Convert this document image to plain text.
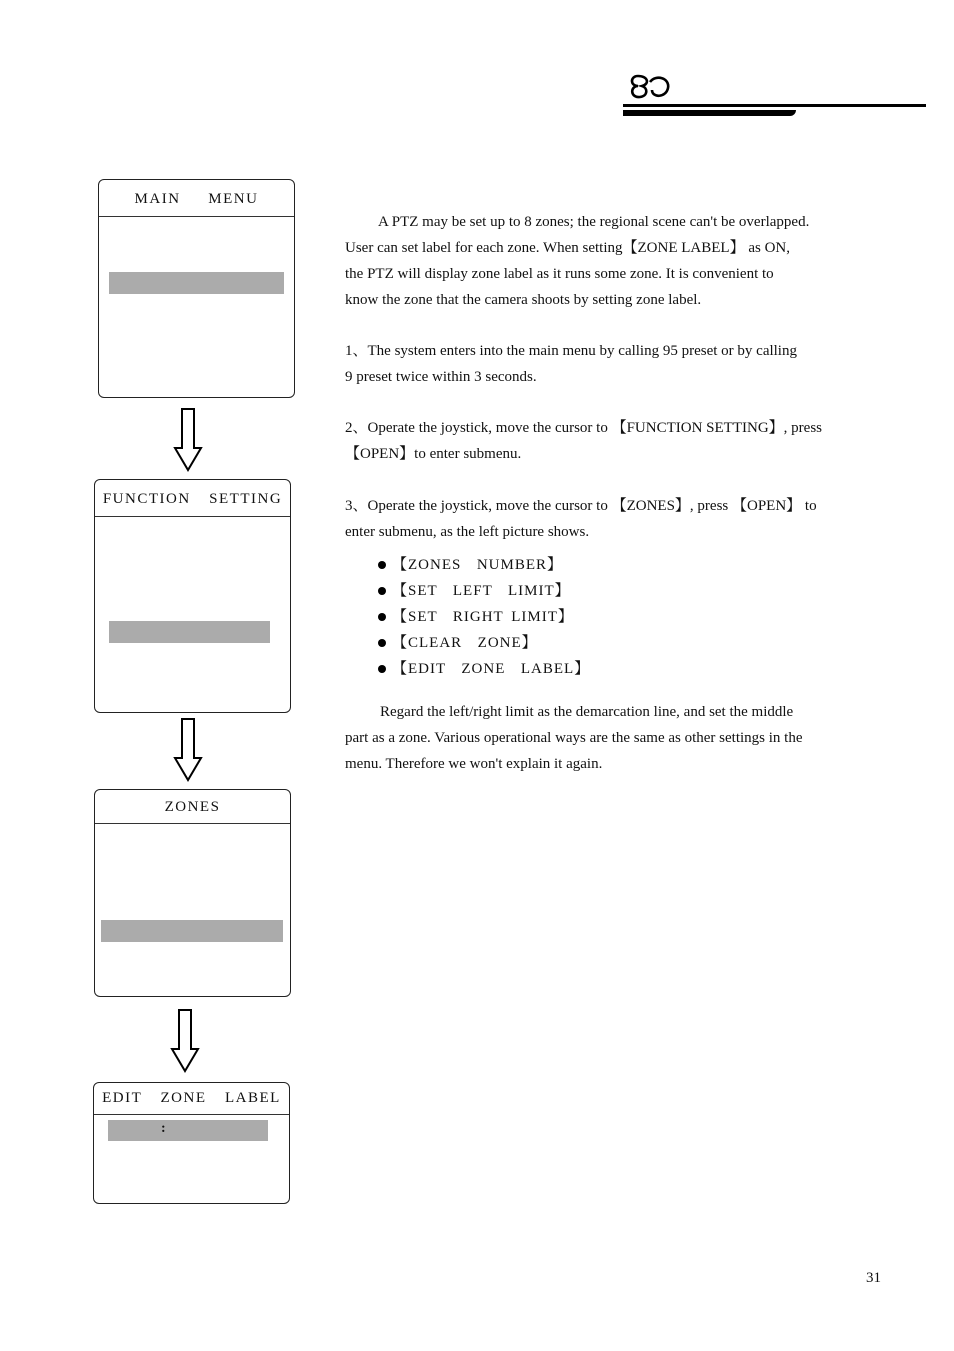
MAIN   MENU
FUNCTION  SETTING
ZONES
EDIT  ZONE  LABEL
:

A PTZ may be set up to 8 zones; the regional scene can't be overlapped.
User can set label for each zone. When setting【ZONE LABEL】 as ON,
the PTZ will display zone label as it runs some zone. It is convenient to
know the zone that the camera shoots by setting zone label.

1、The system enters into the main menu by calling 95 preset or by calling
9 preset twice within 3 seconds.

2、Operate the joystick, move the cursor to 【FUNCTION SETTING】, press
【OPEN】to enter submenu.

3、Operate the joystick, move the cursor to 【ZONES】, press 【OPEN】 to
enter submenu, as the left picture shows.

【ZONES  NUMBER】
【SET  LEFT  LIMIT】
【SET  RIGHT LIMIT】
【CLEAR  ZONE】
【EDIT  ZONE  LABEL】

Regard the left/right limit as the demarcation line, and set the middle
part as a zone. Various operational ways are the same as other settings in the
menu. Therefore we won't explain it again.

31
